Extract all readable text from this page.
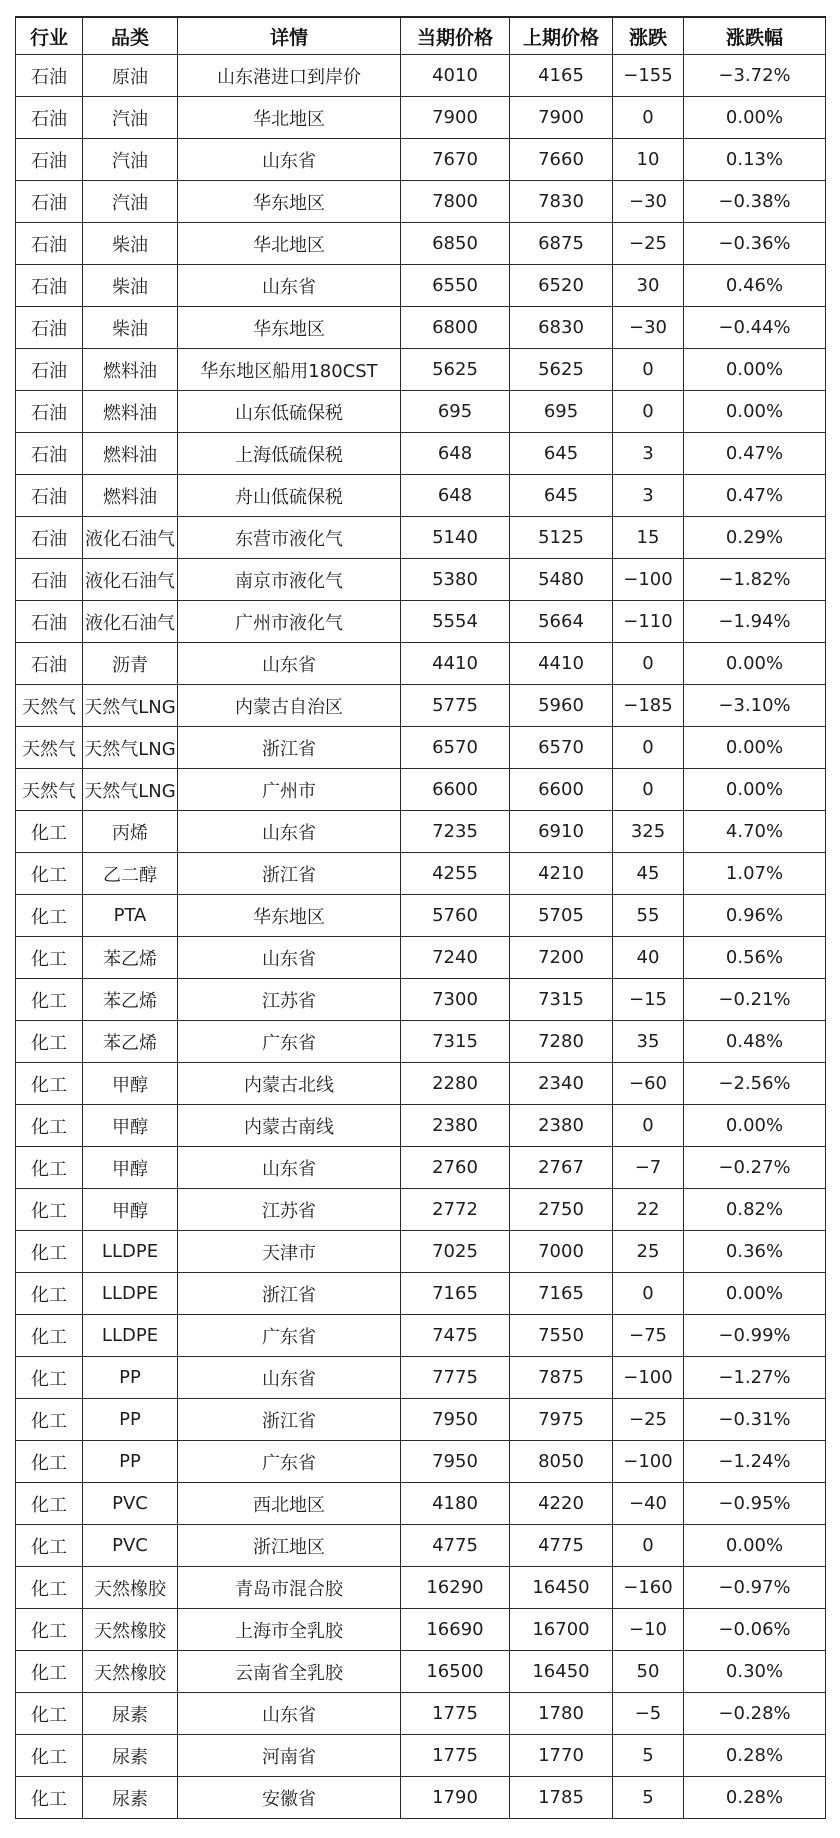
行业	品类	详情	当期价格	上期价格	涨跌	涨跌幅
石油	原油	山东港进口到岸价	4010	4165	−155	−3.72%
石油	汽油	华北地区	7900	7900	0	0.00%
石油	汽油	山东省	7670	7660	10	0.13%
石油	汽油	华东地区	7800	7830	−30	−0.38%
石油	柴油	华北地区	6850	6875	−25	−0.36%
石油	柴油	山东省	6550	6520	30	0.46%
石油	柴油	华东地区	6800	6830	−30	−0.44%
石油	燃料油	华东地区船用180CST	5625	5625	0	0.00%
石油	燃料油	山东低硫保税	695	695	0	0.00%
石油	燃料油	上海低硫保税	648	645	3	0.47%
石油	燃料油	舟山低硫保税	648	645	3	0.47%
石油	液化石油气	东营市液化气	5140	5125	15	0.29%
石油	液化石油气	南京市液化气	5380	5480	−100	−1.82%
石油	液化石油气	广州市液化气	5554	5664	−110	−1.94%
石油	沥青	山东省	4410	4410	0	0.00%
天然气	天然气LNG	内蒙古自治区	5775	5960	−185	−3.10%
天然气	天然气LNG	浙江省	6570	6570	0	0.00%
天然气	天然气LNG	广州市	6600	6600	0	0.00%
化工	丙烯	山东省	7235	6910	325	4.70%
化工	乙二醇	浙江省	4255	4210	45	1.07%
化工	PTA	华东地区	5760	5705	55	0.96%
化工	苯乙烯	山东省	7240	7200	40	0.56%
化工	苯乙烯	江苏省	7300	7315	−15	−0.21%
化工	苯乙烯	广东省	7315	7280	35	0.48%
化工	甲醇	内蒙古北线	2280	2340	−60	−2.56%
化工	甲醇	内蒙古南线	2380	2380	0	0.00%
化工	甲醇	山东省	2760	2767	−7	−0.27%
化工	甲醇	江苏省	2772	2750	22	0.82%
化工	LLDPE	天津市	7025	7000	25	0.36%
化工	LLDPE	浙江省	7165	7165	0	0.00%
化工	LLDPE	广东省	7475	7550	−75	−0.99%
化工	PP	山东省	7775	7875	−100	−1.27%
化工	PP	浙江省	7950	7975	−25	−0.31%
化工	PP	广东省	7950	8050	−100	−1.24%
化工	PVC	西北地区	4180	4220	−40	−0.95%
化工	PVC	浙江地区	4775	4775	0	0.00%
化工	天然橡胶	青岛市混合胶	16290	16450	−160	−0.97%
化工	天然橡胶	上海市全乳胶	16690	16700	−10	−0.06%
化工	天然橡胶	云南省全乳胶	16500	16450	50	0.30%
化工	尿素	山东省	1775	1780	−5	−0.28%
化工	尿素	河南省	1775	1770	5	0.28%
化工	尿素	安徽省	1790	1785	5	0.28%
